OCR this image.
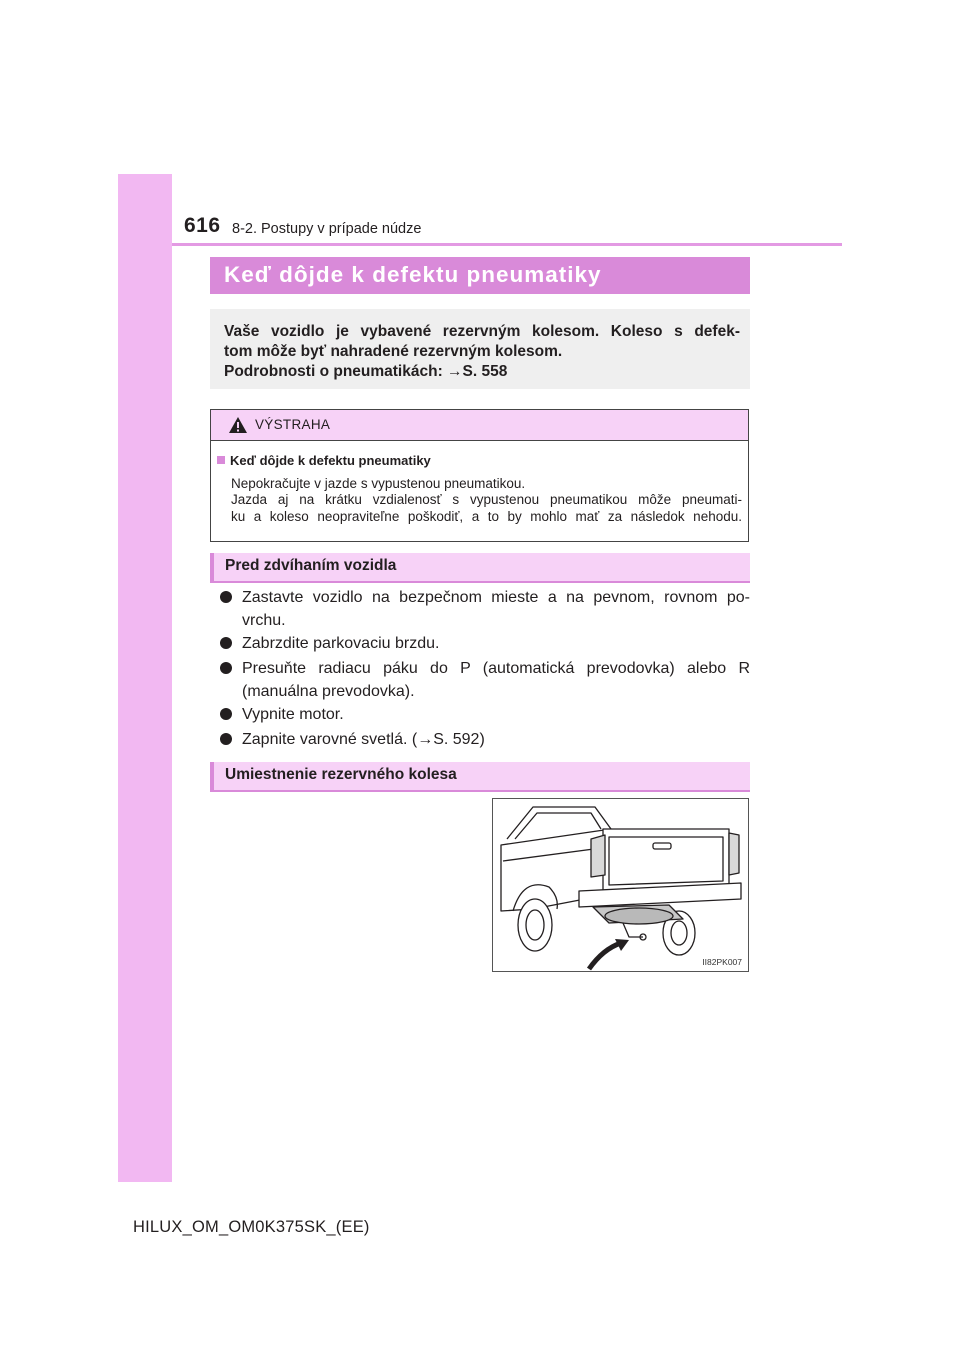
616 8-2. Postupy v prípade núdze
Keď dôjde k defektu pneumatiky
Vaše vozidlo je vybavené rezervným kolesom. Koleso s defek-
tom môže byť nahradené rezervným kolesom.
Podrobnosti o pneumatikách: →S. 558
VÝSTRAHA
Keď dôjde k defektu pneumatiky
Nepokračujte v jazde s vypustenou pneumatikou.
Jazda aj na krátku vzdialenosť s vypustenou pneumatikou môže pneumati-
ku a koleso neopraviteľne poškodiť, a to by mohlo mať za následok nehodu.
Pred zdvíhaním vozidla
Zastavte vozidlo na bezpečnom mieste a na pevnom, rovnom po-
vrchu.
Zabrzdite parkovaciu brzdu.
Presuňte radiacu páku do P (automatická prevodovka) alebo R
(manuálna prevodovka).
Vypnite motor.
Zapnite varovné svetlá. (→S. 592)
Umiestnenie rezervného kolesa
II82PK007
HILUX_OM_OM0K375SK_(EE)
